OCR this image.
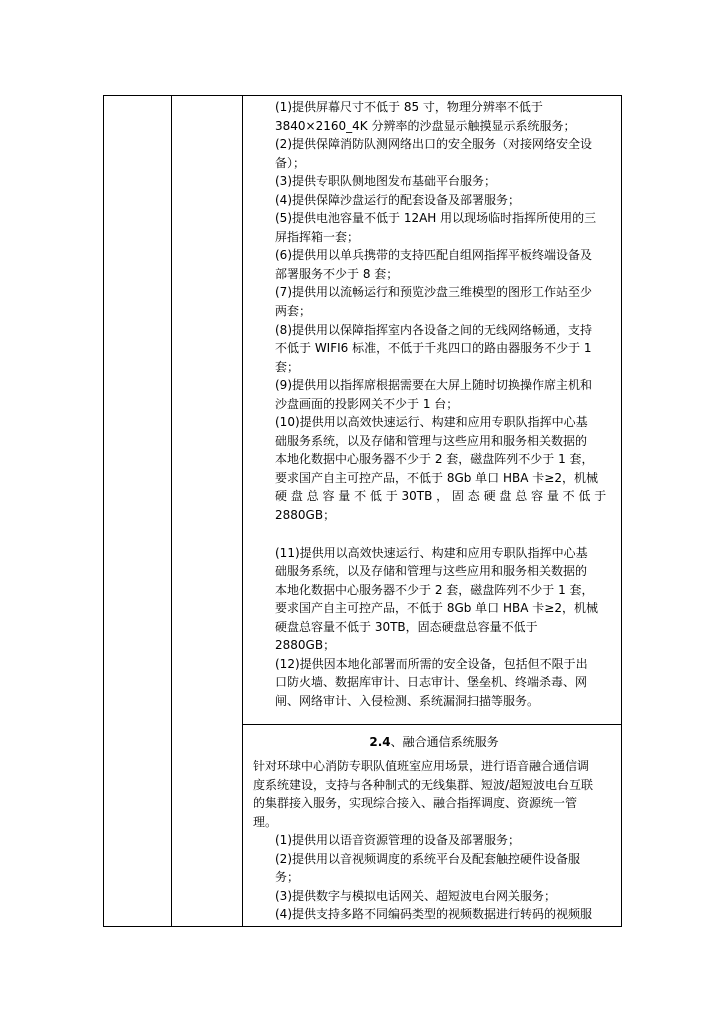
(1)提供屏幕尺寸不低于 85 寸，物理分辨率不低于
3840×2160_4K 分辨率的沙盘显示触摸显示系统服务；
(2)提供保障消防队测网络出口的安全服务（对接网络安全设
备）；
(3)提供专职队侧地图发布基础平台服务；
(4)提供保障沙盘运行的配套设备及部署服务；
(5)提供电池容量不低于 12AH 用以现场临时指挥所使用的三
屏指挥箱一套；
(6)提供用以单兵携带的支持匹配自组网指挥平板终端设备及
部署服务不少于 8 套；
(7)提供用以流畅运行和预览沙盘三维模型的图形工作站至少
两套；
(8)提供用以保障指挥室内各设备之间的无线网络畅通，支持
不低于 WIFI6 标准，不低于千兆四口的路由器服务不少于 1
套；
(9)提供用以指挥席根据需要在大屏上随时切换操作席主机和
沙盘画面的投影网关不少于 1 台；
(10)提供用以高效快速运行、构建和应用专职队指挥中心基
础服务系统，以及存储和管理与这些应用和服务相关数据的
本地化数据中心服务器不少于 2 套，磁盘阵列不少于 1 套，
要求国产自主可控产品，不低于 8Gb 单口 HBA 卡≥2，机械
硬 盘 总 容 量 不 低 于 30TB ， 固 态 硬 盘 总 容 量 不 低 于
2880GB；
(11)提供用以高效快速运行、构建和应用专职队指挥中心基
础服务系统，以及存储和管理与这些应用和服务相关数据的
本地化数据中心服务器不少于 2 套，磁盘阵列不少于 1 套，
要求国产自主可控产品，不低于 8Gb 单口 HBA 卡≥2，机械
硬盘总容量不低于 30TB，固态硬盘总容量不低于
2880GB；
(12)提供因本地化部署而所需的安全设备，包括但不限于出
口防火墙、数据库审计、日志审计、堡垒机、终端杀毒、网
闸、网络审计、入侵检测、系统漏洞扫描等服务。
2.4、融合通信系统服务
针对环球中心消防专职队值班室应用场景，进行语音融合通信调
度系统建设，支持与各种制式的无线集群、短波/超短波电台互联
的集群接入服务，实现综合接入、融合指挥调度、资源统一管
理。
(1)提供用以语音资源管理的设备及部署服务；
(2)提供用以音视频调度的系统平台及配套触控硬件设备服
务；
(3)提供数字与模拟电话网关、超短波电台网关服务；
(4)提供支持多路不同编码类型的视频数据进行转码的视频服
